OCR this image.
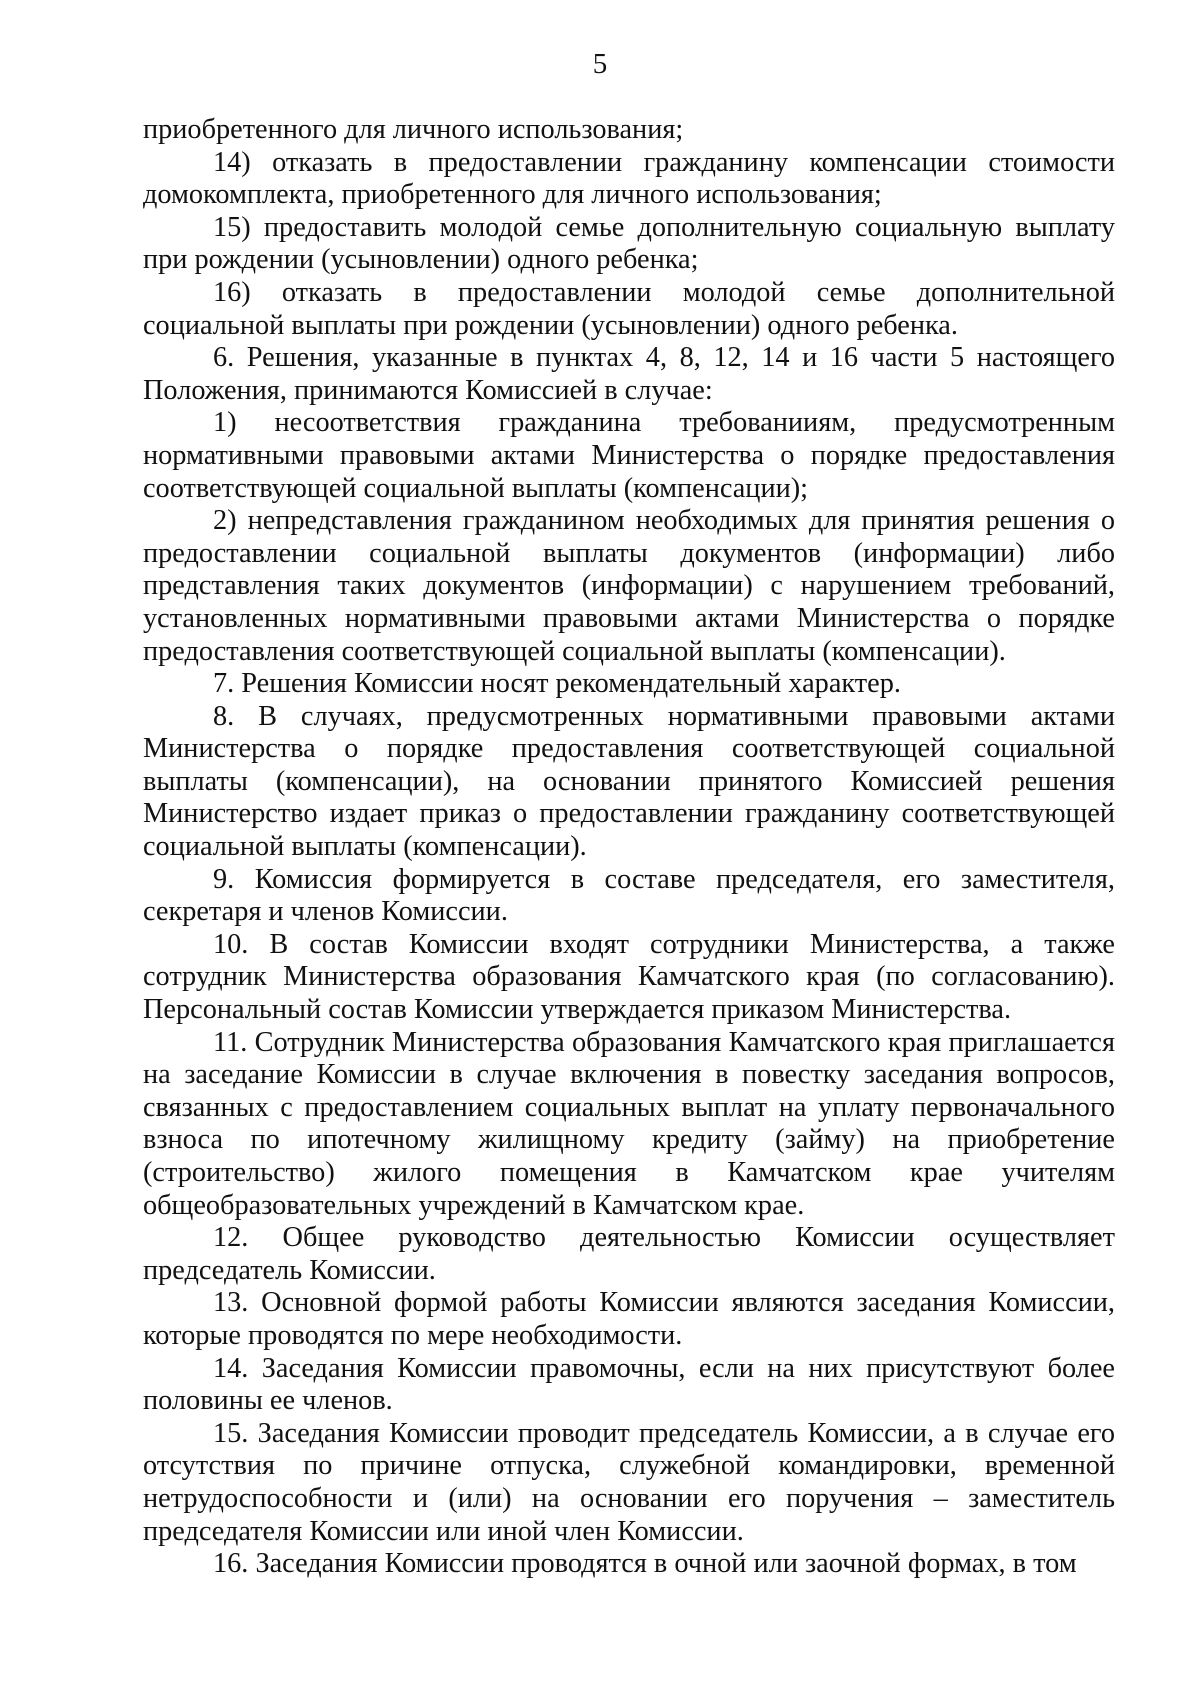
5

приобретенного для личного использования;

14) отказать в предоставлении гражданину компенсации стоимости домокомплекта, приобретенного для личного использования;

15) предоставить молодой семье дополнительную социальную выплату при рождении (усыновлении) одного ребенка;

16) отказать в предоставлении молодой семье дополнительной социальной выплаты при рождении (усыновлении) одного ребенка.

6. Решения, указанные в пунктах 4, 8, 12, 14 и 16 части 5 настоящего Положения, принимаются Комиссией в случае:

1) несоответствия гражданина требованииям, предусмотренным нормативными правовыми актами Министерства о порядке предоставления соответствующей социальной выплаты (компенсации);

2) непредставления гражданином необходимых для принятия решения о предоставлении социальной выплаты документов (информации) либо представления таких документов (информации) с нарушением требований, установленных нормативными правовыми актами Министерства о порядке предоставления соответствующей социальной выплаты (компенсации).

7. Решения Комиссии носят рекомендательный характер.

8. В случаях, предусмотренных нормативными правовыми актами Министерства о порядке предоставления соответствующей социальной выплаты (компенсации), на основании принятого Комиссией решения Министерство издает приказ о предоставлении гражданину соответствующей социальной выплаты (компенсации).

9. Комиссия формируется в составе председателя, его заместителя, секретаря и членов Комиссии.

10. В состав Комиссии входят сотрудники Министерства, а также сотрудник Министерства образования Камчатского края (по согласованию). Персональный состав Комиссии утверждается приказом Министерства.

11. Сотрудник Министерства образования Камчатского края приглашается на заседание Комиссии в случае включения в повестку заседания вопросов, связанных с предоставлением социальных выплат на уплату первоначального взноса по ипотечному жилищному кредиту (займу) на приобретение (строительство) жилого помещения в Камчатском крае учителям общеобразовательных учреждений в Камчатском крае.

12. Общее руководство деятельностью Комиссии осуществляет председатель Комиссии.

13. Основной формой работы Комиссии являются заседания Комиссии, которые проводятся по мере необходимости.

14. Заседания Комиссии правомочны, если на них присутствуют более половины ее членов.

15. Заседания Комиссии проводит председатель Комиссии, а в случае его отсутствия по причине отпуска, служебной командировки, временной нетрудоспособности и (или) на основании его поручения – заместитель председателя Комиссии или иной член Комиссии.

16. Заседания Комиссии проводятся в очной или заочной формах, в том
